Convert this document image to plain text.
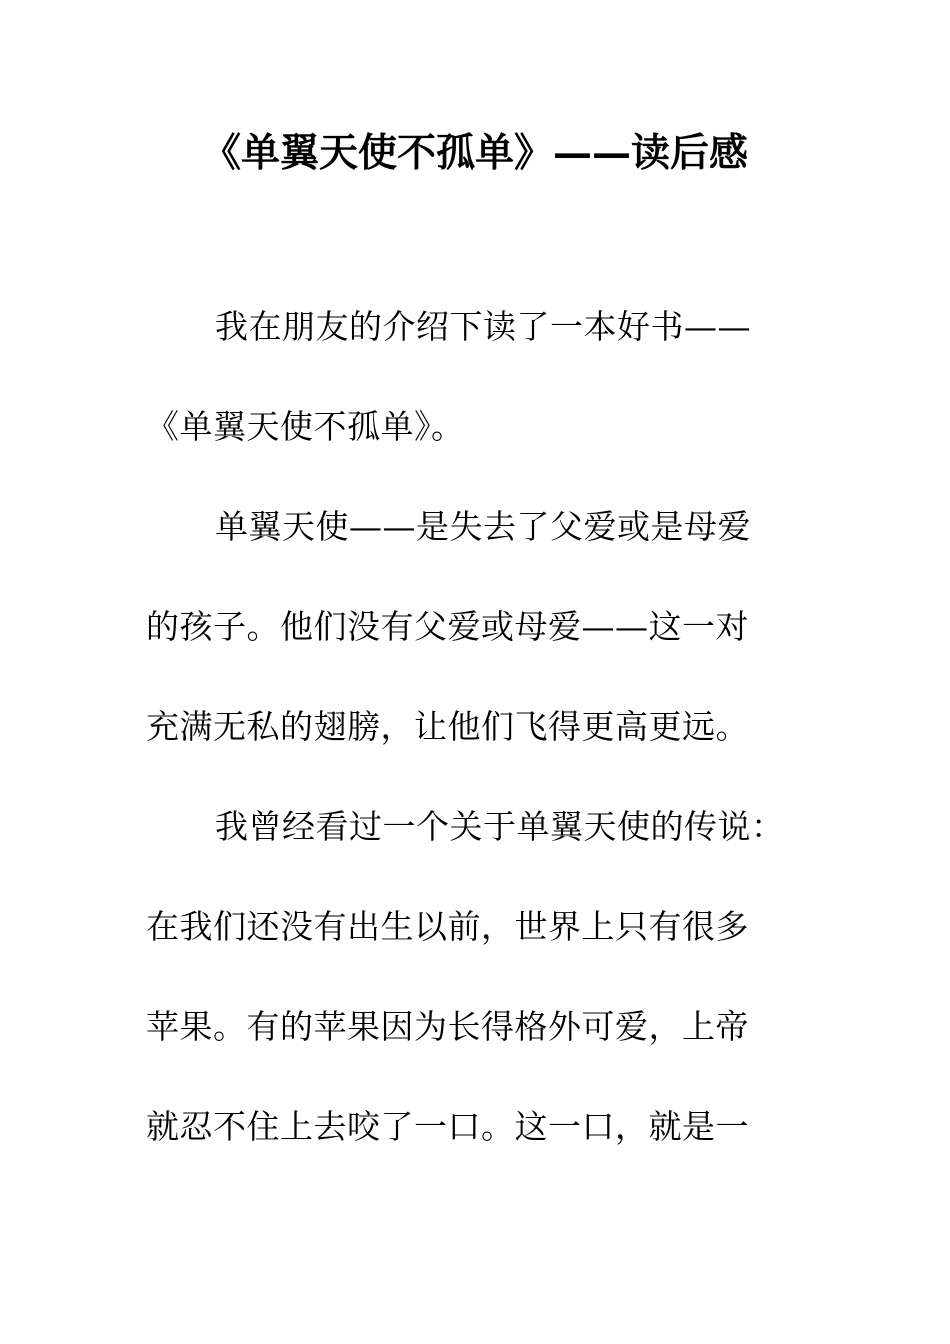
《单翼天使不孤单》——读后感
我在朋友的介绍下读了一本好书——
《单翼天使不孤单》。
单翼天使——是失去了父爱或是母爱
的孩子。他们没有父爱或母爱——这一对
充满无私的翅膀，让他们飞得更高更远。
我曾经看过一个关于单翼天使的传说：
在我们还没有出生以前，世界上只有很多
苹果。有的苹果因为长得格外可爱，上帝
就忍不住上去咬了一口。这一口，就是一
